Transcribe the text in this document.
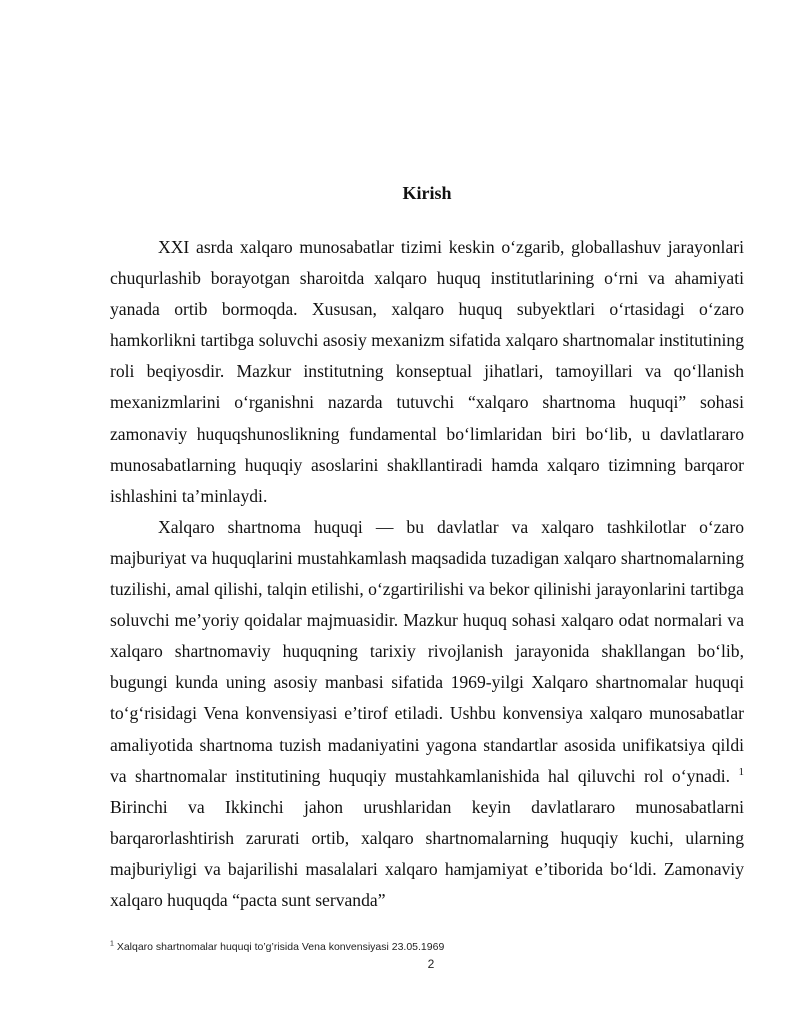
Kirish

XXI asrda xalqaro munosabatlar tizimi keskin o‘zgarib, globallashuv jarayonlari chuqurlashib borayotgan sharoitda xalqaro huquq institutlarining o‘rni va ahamiyati yanada ortib bormoqda. Xususan, xalqaro huquq subyektlari o‘rtasidagi o‘zaro hamkorlikni tartibga soluvchi asosiy mexanizm sifatida xalqaro shartnomalar institutining roli beqiyosdir. Mazkur institutning konseptual jihatlari, tamoyillari va qo‘llanish mexanizmlarini o‘rganishni nazarda tutuvchi “xalqaro shartnoma huquqi” sohasi zamonaviy huquqshunoslikning fundamental bo‘limlaridan biri bo‘lib, u davlatlararo munosabatlarning huquqiy asoslarini shakllantiradi hamda xalqaro tizimning barqaror ishlashini ta’minlaydi.

Xalqaro shartnoma huquqi — bu davlatlar va xalqaro tashkilotlar o‘zaro majburiyat va huquqlarini mustahkamlash maqsadida tuzadigan xalqaro shartnomalarning tuzilishi, amal qilishi, talqin etilishi, o‘zgartirilishi va bekor qilinishi jarayonlarini tartibga soluvchi me’yoriy qoidalar majmuasidir. Mazkur huquq sohasi xalqaro odat normalari va xalqaro shartnomaviy huquqning tarixiy rivojlanish jarayonida shakllangan bo‘lib, bugungi kunda uning asosiy manbasi sifatida 1969-yilgi Xalqaro shartnomalar huquqi to‘g‘risidagi Vena konvensiyasi e’tirof etiladi. Ushbu konvensiya xalqaro munosabatlar amaliyotida shartnoma tuzish madaniyatini yagona standartlar asosida unifikatsiya qildi va shartnomalar institutining huquqiy mustahkamlanishida hal qiluvchi rol o‘ynadi. $^1$ Birinchi va Ikkinchi jahon urushlaridan keyin davlatlararo munosabatlarni barqarorlashtirish zarurati ortib, xalqaro shartnomalarning huquqiy kuchi, ularning majburiyligi va bajarilishi masalalari xalqaro hamjamiyat e’tiborida bo‘ldi. Zamonaviy xalqaro huquqda “pacta sunt servanda”

$^1$ Xalqaro shartnomalar huquqi to’g’risida Vena konvensiyasi 23.05.1969
2
